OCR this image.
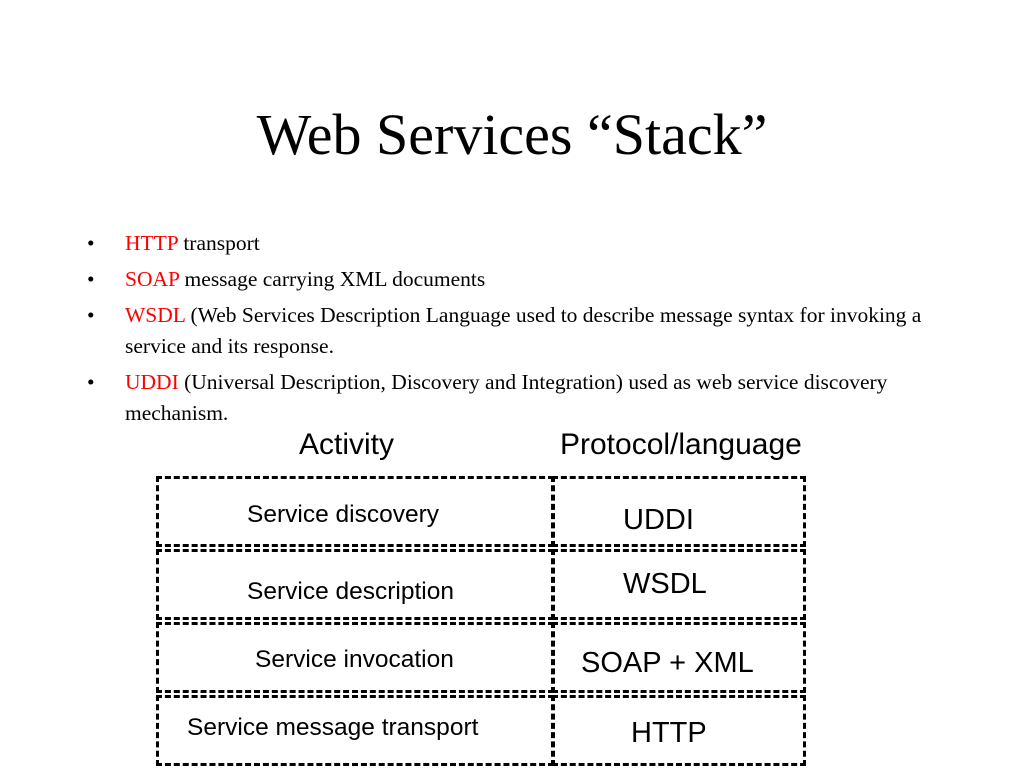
Web Services “Stack”
• HTTP transport
• SOAP message carrying XML documents
• WSDL (Web Services Description Language used to describe message syntax for invoking a service and its response.
• UDDI (Universal Description, Discovery and Integration) used as web service discovery mechanism.
Activity	Protocol/language
Service discovery	UDDI
Service description	WSDL
Service invocation	SOAP + XML
Service message transport	HTTP
